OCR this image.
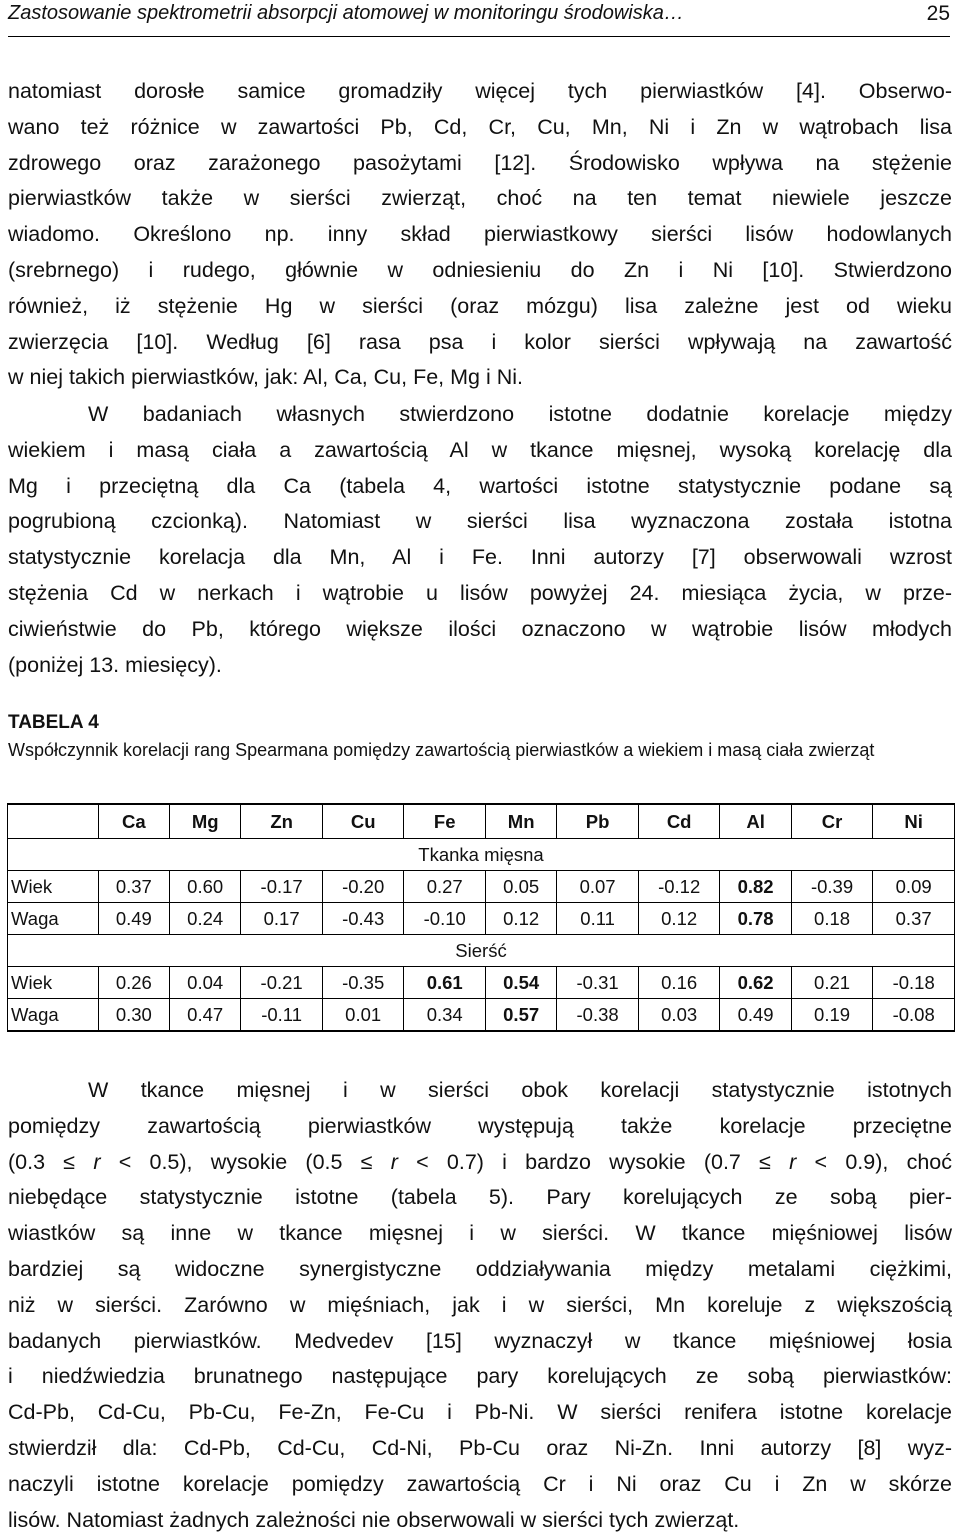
Zastosowanie spektrometrii absorpcji atomowej w monitoringu środowiska…	25
natomiast dorosłe samice gromadziły więcej tych pierwiastków [4]. Obserwo-
wano też różnice w zawartości Pb, Cd, Cr, Cu, Mn, Ni i Zn w wątrobach lisa
zdrowego oraz zarażonego pasożytami [12]. Środowisko wpływa na stężenie
pierwiastków także w sierści zwierząt, choć na ten temat niewiele jeszcze
wiadomo. Określono np. inny skład pierwiastkowy sierści lisów hodowlanych
(srebrnego) i rudego, głównie w odniesieniu do Zn i Ni [10]. Stwierdzono
również, iż stężenie Hg w sierści (oraz mózgu) lisa zależne jest od wieku
zwierzęcia [10]. Według [6] rasa psa i kolor sierści wpływają na zawartość
w niej takich pierwiastków, jak: Al, Ca, Cu, Fe, Mg i Ni.
W badaniach własnych stwierdzono istotne dodatnie korelacje między
wiekiem i masą ciała a zawartością Al w tkance mięsnej, wysoką korelację dla
Mg i przeciętną dla Ca (tabela 4, wartości istotne statystycznie podane są
pogrubioną czcionką). Natomiast w sierści lisa wyznaczona została istotna
statystycznie korelacja dla Mn, Al i Fe. Inni autorzy [7] obserwowali wzrost
stężenia Cd w nerkach i wątrobie u lisów powyżej 24. miesiąca życia, w prze-
ciwieństwie do Pb, którego większe ilości oznaczono w wątrobie lisów młodych
(poniżej 13. miesięcy).
TABELA 4
Współczynnik korelacji rang Spearmana pomiędzy zawartością pierwiastków a wiekiem i masą ciała zwierząt
	Ca	Mg	Zn	Cu	Fe	Mn	Pb	Cd	Al	Cr	Ni
Tkanka mięsna											
Wiek	0.37	0.60	-0.17	-0.20	0.27	0.05	0.07	-0.12	0.82	-0.39	0.09
Waga	0.49	0.24	0.17	-0.43	-0.10	0.12	0.11	0.12	0.78	0.18	0.37
Sierść											
Wiek	0.26	0.04	-0.21	-0.35	0.61	0.54	-0.31	0.16	0.62	0.21	-0.18
Waga	0.30	0.47	-0.11	0.01	0.34	0.57	-0.38	0.03	0.49	0.19	-0.08
W tkance mięsnej i w sierści obok korelacji statystycznie istotnych
pomiędzy zawartością pierwiastków występują także korelacje przeciętne
(0.3 ≤ r < 0.5), wysokie (0.5 ≤ r < 0.7) i bardzo wysokie (0.7 ≤ r < 0.9), choć
niebędące statystycznie istotne (tabela 5). Pary korelujących ze sobą pier-
wiastków są inne w tkance mięsnej i w sierści. W tkance mięśniowej lisów
bardziej są widoczne synergistyczne oddziaływania między metalami ciężkimi,
niż w sierści. Zarówno w mięśniach, jak i w sierści, Mn koreluje z większością
badanych pierwiastków. Medvedev [15] wyznaczył w tkance mięśniowej łosia
i niedźwiedzia brunatnego następujące pary korelujących ze sobą pierwiastków:
Cd-Pb, Cd-Cu, Pb-Cu, Fe-Zn, Fe-Cu i Pb-Ni. W sierści renifera istotne korelacje
stwierdził dla: Cd-Pb, Cd-Cu, Cd-Ni, Pb-Cu oraz Ni-Zn. Inni autorzy [8] wyz-
naczyli istotne korelacje pomiędzy zawartością Cr i Ni oraz Cu i Zn w skórze
lisów. Natomiast żadnych zależności nie obserwowali w sierści tych zwierząt.
